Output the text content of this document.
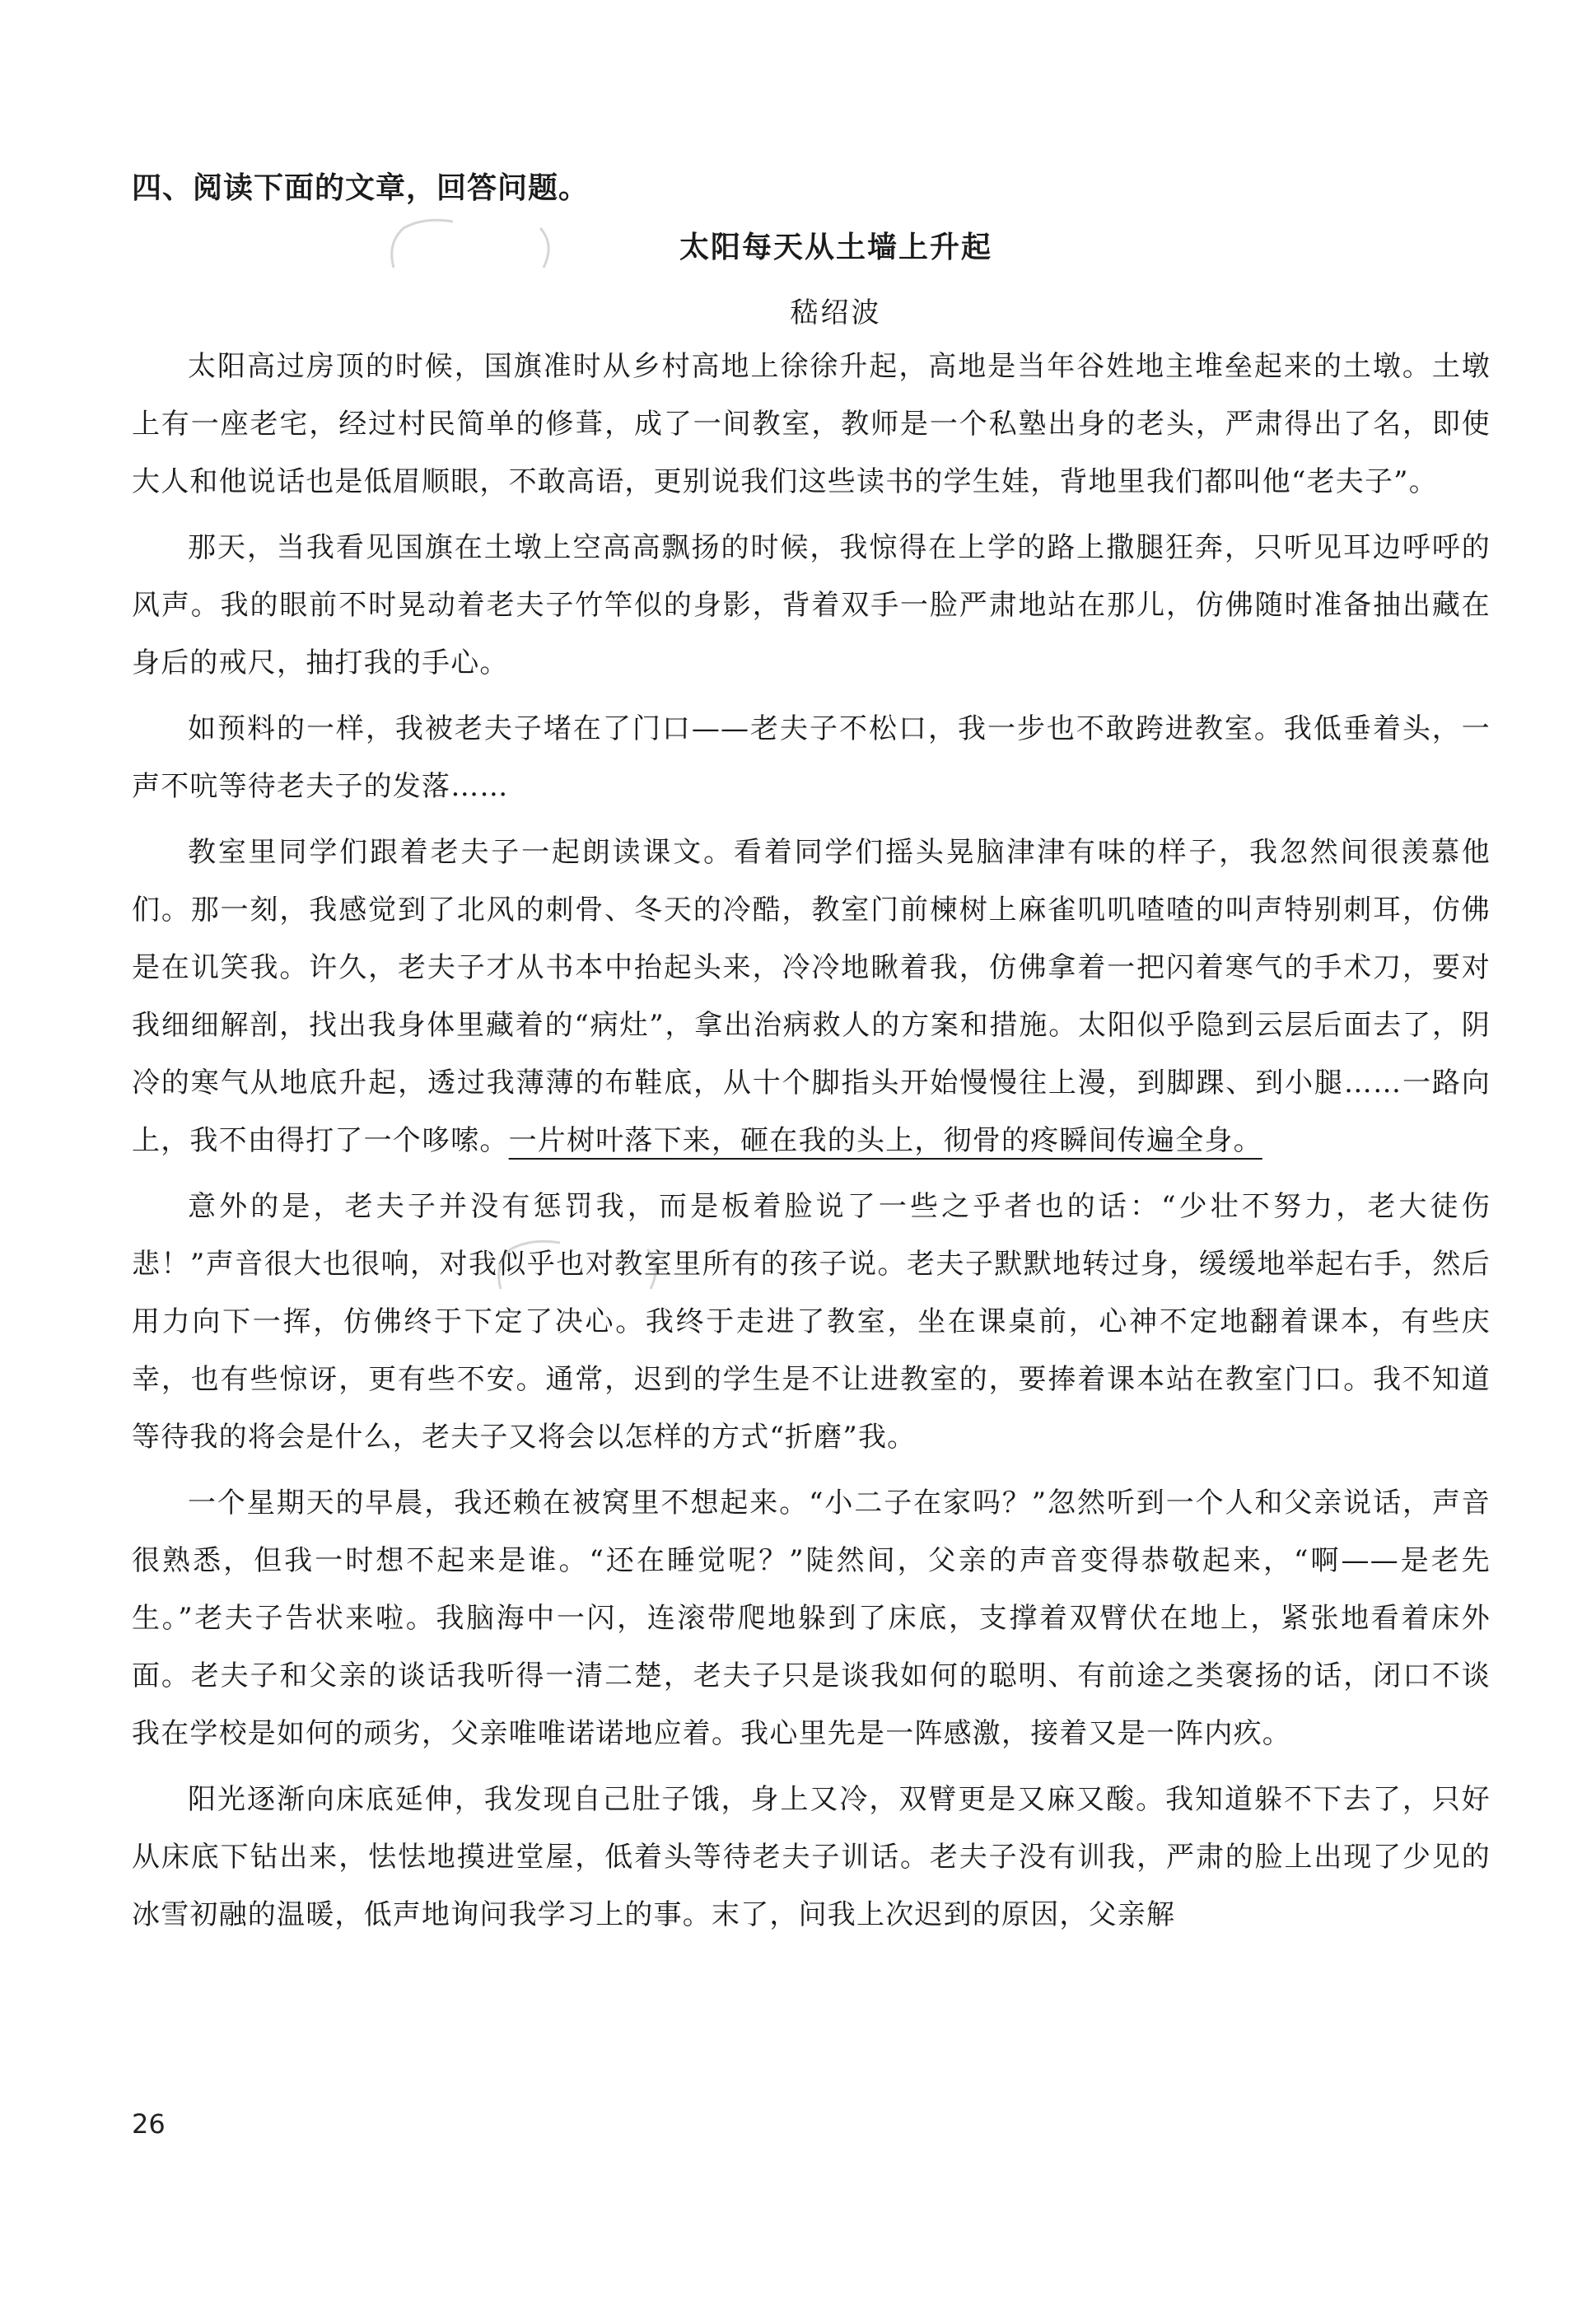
四、阅读下面的文章，回答问题。
太阳每天从土墙上升起

嵇绍波

太阳高过房顶的时候，国旗准时从乡村高地上徐徐升起，高地是当年谷姓地主堆垒起来的土墩。土墩上有一座老宅，经过村民简单的修葺，成了一间教室，教师是一个私塾出身的老头，严肃得出了名，即使大人和他说话也是低眉顺眼，不敢高语，更别说我们这些读书的学生娃，背地里我们都叫他“老夫子”。

那天，当我看见国旗在土墩上空高高飘扬的时候，我惊得在上学的路上撒腿狂奔，只听见耳边呼呼的风声。我的眼前不时晃动着老夫子竹竿似的身影，背着双手一脸严肃地站在那儿，仿佛随时准备抽出藏在身后的戒尺，抽打我的手心。

如预料的一样，我被老夫子堵在了门口——老夫子不松口，我一步也不敢跨进教室。我低垂着头，一声不吭等待老夫子的发落……

教室里同学们跟着老夫子一起朗读课文。看着同学们摇头晃脑津津有味的样子，我忽然间很羡慕他们。那一刻，我感觉到了北风的刺骨、冬天的冷酷，教室门前楝树上麻雀叽叽喳喳的叫声特别刺耳，仿佛是在讥笑我。许久，老夫子才从书本中抬起头来，冷冷地瞅着我，仿佛拿着一把闪着寒气的手术刀，要对我细细解剖，找出我身体里藏着的“病灶”，拿出治病救人的方案和措施。太阳似乎隐到云层后面去了，阴冷的寒气从地底升起，透过我薄薄的布鞋底，从十个脚指头开始慢慢往上漫，到脚踝、到小腿……一路向上，我不由得打了一个哆嗦。一片树叶落下来，砸在我的头上，彻骨的疼瞬间传遍全身。

意外的是，老夫子并没有惩罚我，而是板着脸说了一些之乎者也的话：“少壮不努力，老大徒伤悲！”声音很大也很响，对我似乎也对教室里所有的孩子说。老夫子默默地转过身，缓缓地举起右手，然后用力向下一挥，仿佛终于下定了决心。我终于走进了教室，坐在课桌前，心神不定地翻着课本，有些庆幸，也有些惊讶，更有些不安。通常，迟到的学生是不让进教室的，要捧着课本站在教室门口。我不知道等待我的将会是什么，老夫子又将会以怎样的方式“折磨”我。

一个星期天的早晨，我还赖在被窝里不想起来。“小二子在家吗？”忽然听到一个人和父亲说话，声音很熟悉，但我一时想不起来是谁。“还在睡觉呢？”陡然间，父亲的声音变得恭敬起来，“啊——是老先生。”老夫子告状来啦。我脑海中一闪，连滚带爬地躲到了床底，支撑着双臂伏在地上，紧张地看着床外面。老夫子和父亲的谈话我听得一清二楚，老夫子只是谈我如何的聪明、有前途之类褒扬的话，闭口不谈我在学校是如何的顽劣，父亲唯唯诺诺地应着。我心里先是一阵感激，接着又是一阵内疚。

阳光逐渐向床底延伸，我发现自己肚子饿，身上又冷，双臂更是又麻又酸。我知道躲不下去了，只好从床底下钻出来，怯怯地摸进堂屋，低着头等待老夫子训话。老夫子没有训我，严肃的脸上出现了少见的冰雪初融的温暖，低声地询问我学习上的事。末了，问我上次迟到的原因，父亲解

26
